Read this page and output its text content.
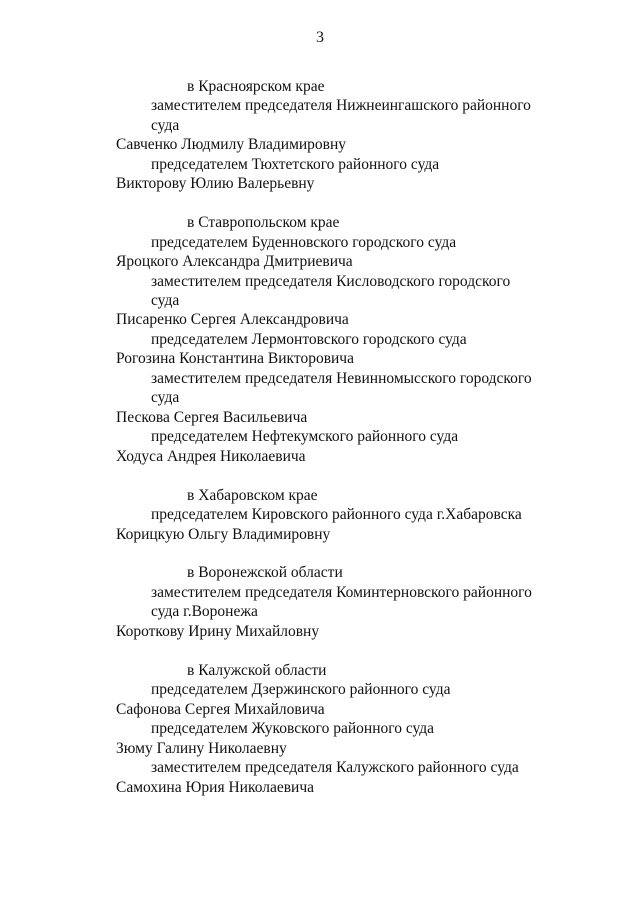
3
в Красноярском крае
заместителем председателя Нижнеингашского районного
суда
Савченко Людмилу Владимировну
председателем Тюхтетского районного суда
Викторову Юлию Валерьевну
в Ставропольском крае
председателем Буденновского городского суда
Яроцкого Александра Дмитриевича
заместителем председателя Кисловодского городского
суда
Писаренко Сергея Александровича
председателем Лермонтовского городского суда
Рогозина Константина Викторовича
заместителем председателя Невинномысского городского
суда
Пескова Сергея Васильевича
председателем Нефтекумского районного суда
Ходуса Андрея Николаевича
в Хабаровском крае
председателем Кировского районного суда г.Хабаровска
Корицкую Ольгу Владимировну
в Воронежской области
заместителем председателя Коминтерновского районного
суда г.Воронежа
Короткову Ирину Михайловну
в Калужской области
председателем Дзержинского районного суда
Сафонова Сергея Михайловича
председателем Жуковского районного суда
Зюму Галину Николаевну
заместителем председателя Калужского районного суда
Самохина Юрия Николаевича
